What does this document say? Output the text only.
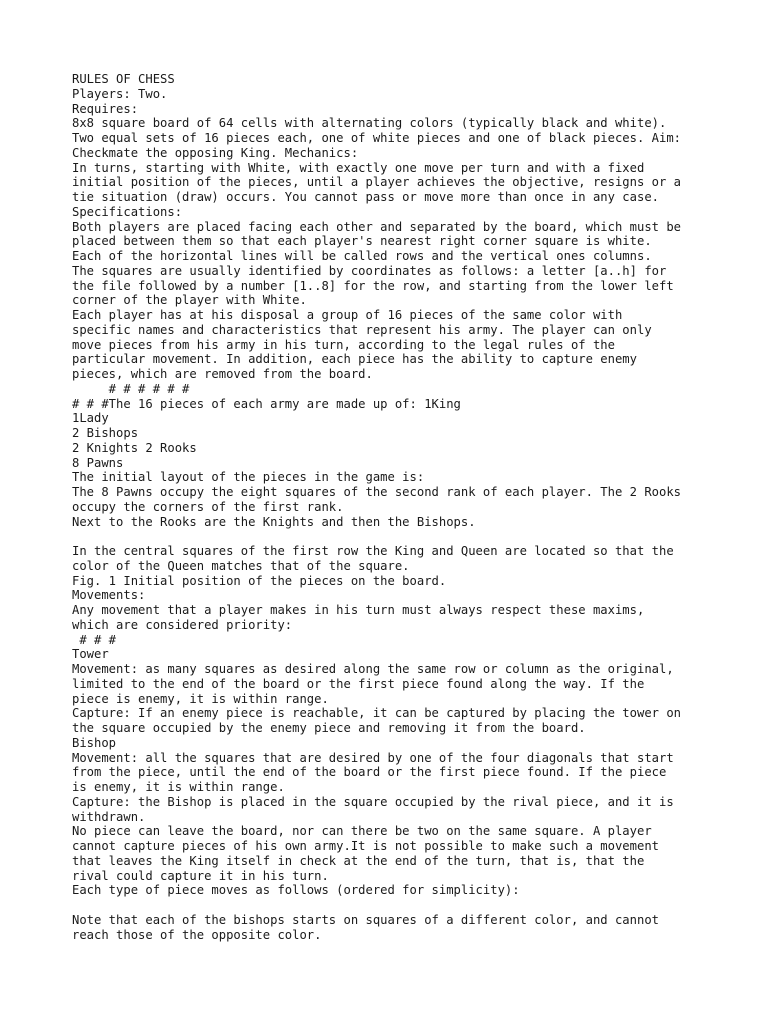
RULES OF CHESS
Players: Two.
Requires:
8x8 square board of 64 cells with alternating colors (typically black and white).
Two equal sets of 16 pieces each, one of white pieces and one of black pieces. Aim:
Checkmate the opposing King. Mechanics:
In turns, starting with White, with exactly one move per turn and with a fixed
initial position of the pieces, until a player achieves the objective, resigns or a
tie situation (draw) occurs. You cannot pass or move more than once in any case.
Specifications:
Both players are placed facing each other and separated by the board, which must be
placed between them so that each player's nearest right corner square is white.
Each of the horizontal lines will be called rows and the vertical ones columns.
The squares are usually identified by coordinates as follows: a letter [a..h] for
the file followed by a number [1..8] for the row, and starting from the lower left
corner of the player with White.
Each player has at his disposal a group of 16 pieces of the same color with
specific names and characteristics that represent his army. The player can only
move pieces from his army in his turn, according to the legal rules of the
particular movement. In addition, each piece has the ability to capture enemy
pieces, which are removed from the board.
# # # # # #
# # #The 16 pieces of each army are made up of: 1King
1Lady
2 Bishops
2 Knights 2 Rooks
8 Pawns
The initial layout of the pieces in the game is:
The 8 Pawns occupy the eight squares of the second rank of each player. The 2 Rooks
occupy the corners of the first rank.
Next to the Rooks are the Knights and then the Bishops.
In the central squares of the first row the King and Queen are located so that the
color of the Queen matches that of the square.
Fig. 1 Initial position of the pieces on the board.
Movements:
Any movement that a player makes in his turn must always respect these maxims,
which are considered priority:
# # #
Tower
Movement: as many squares as desired along the same row or column as the original,
limited to the end of the board or the first piece found along the way. If the
piece is enemy, it is within range.
Capture: If an enemy piece is reachable, it can be captured by placing the tower on
the square occupied by the enemy piece and removing it from the board.
Bishop
Movement: all the squares that are desired by one of the four diagonals that start
from the piece, until the end of the board or the first piece found. If the piece
is enemy, it is within range.
Capture: the Bishop is placed in the square occupied by the rival piece, and it is
withdrawn.
No piece can leave the board, nor can there be two on the same square. A player
cannot capture pieces of his own army.It is not possible to make such a movement
that leaves the King itself in check at the end of the turn, that is, that the
rival could capture it in his turn.
Each type of piece moves as follows (ordered for simplicity):
Note that each of the bishops starts on squares of a different color, and cannot
reach those of the opposite color.
